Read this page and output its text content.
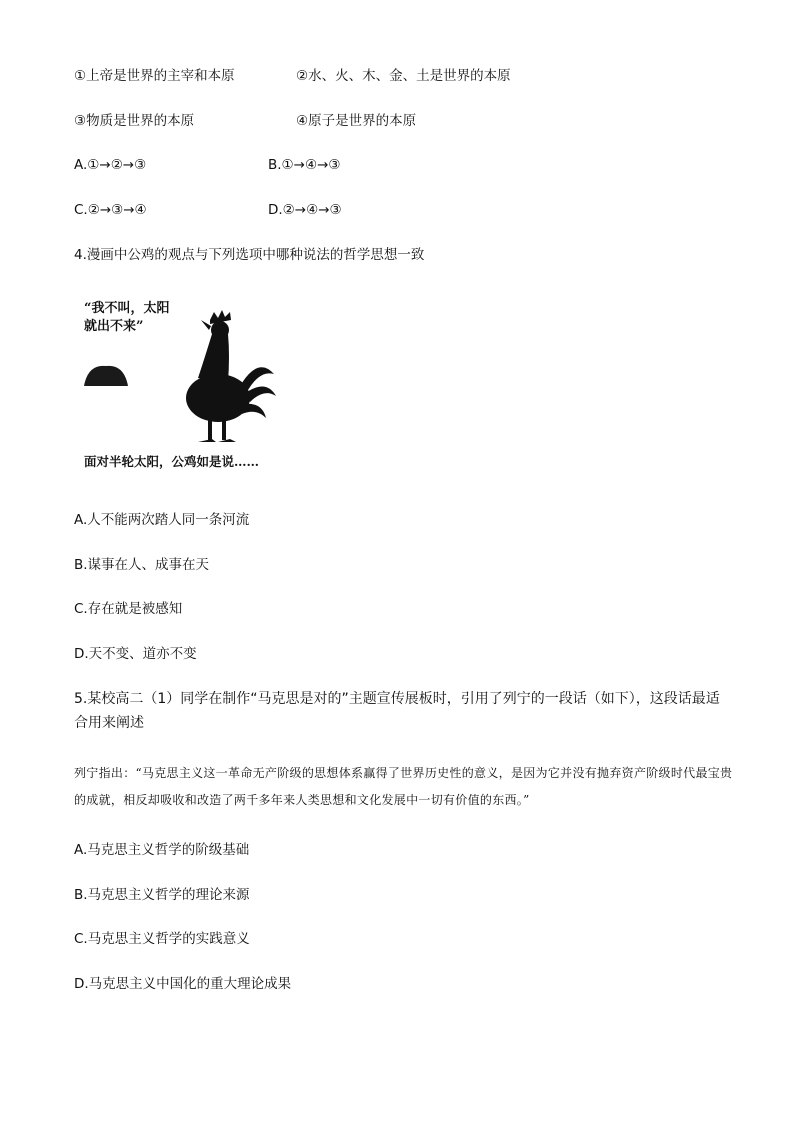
①上帝是世界的主宰和本原	②水、火、木、金、土是世界的本原
③物质是世界的本原	④原子是世界的本原
A.①→②→③	B.①→④→③
C.②→③→④	D.②→④→③
4.漫画中公鸡的观点与下列选项中哪种说法的哲学思想一致
“我不叫，太阳
就出不来”
面对半轮太阳，公鸡如是说……
A.人不能两次踏人同一条河流
B.谋事在人、成事在天
C.存在就是被感知
D.天不变、道亦不变
5.某校高二（1）同学在制作“马克思是对的”主题宣传展板时，引用了列宁的一段话（如下），这段话最适合用来阐述
列宁指出：“马克思主义这一革命无产阶级的思想体系赢得了世界历史性的意义，是因为它并没有抛弃资产阶级时代最宝贵的成就，相反却吸收和改造了两千多年来人类思想和文化发展中一切有价值的东西。”
A.马克思主义哲学的阶级基础
B.马克思主义哲学的理论来源
C.马克思主义哲学的实践意义
D.马克思主义中国化的重大理论成果
